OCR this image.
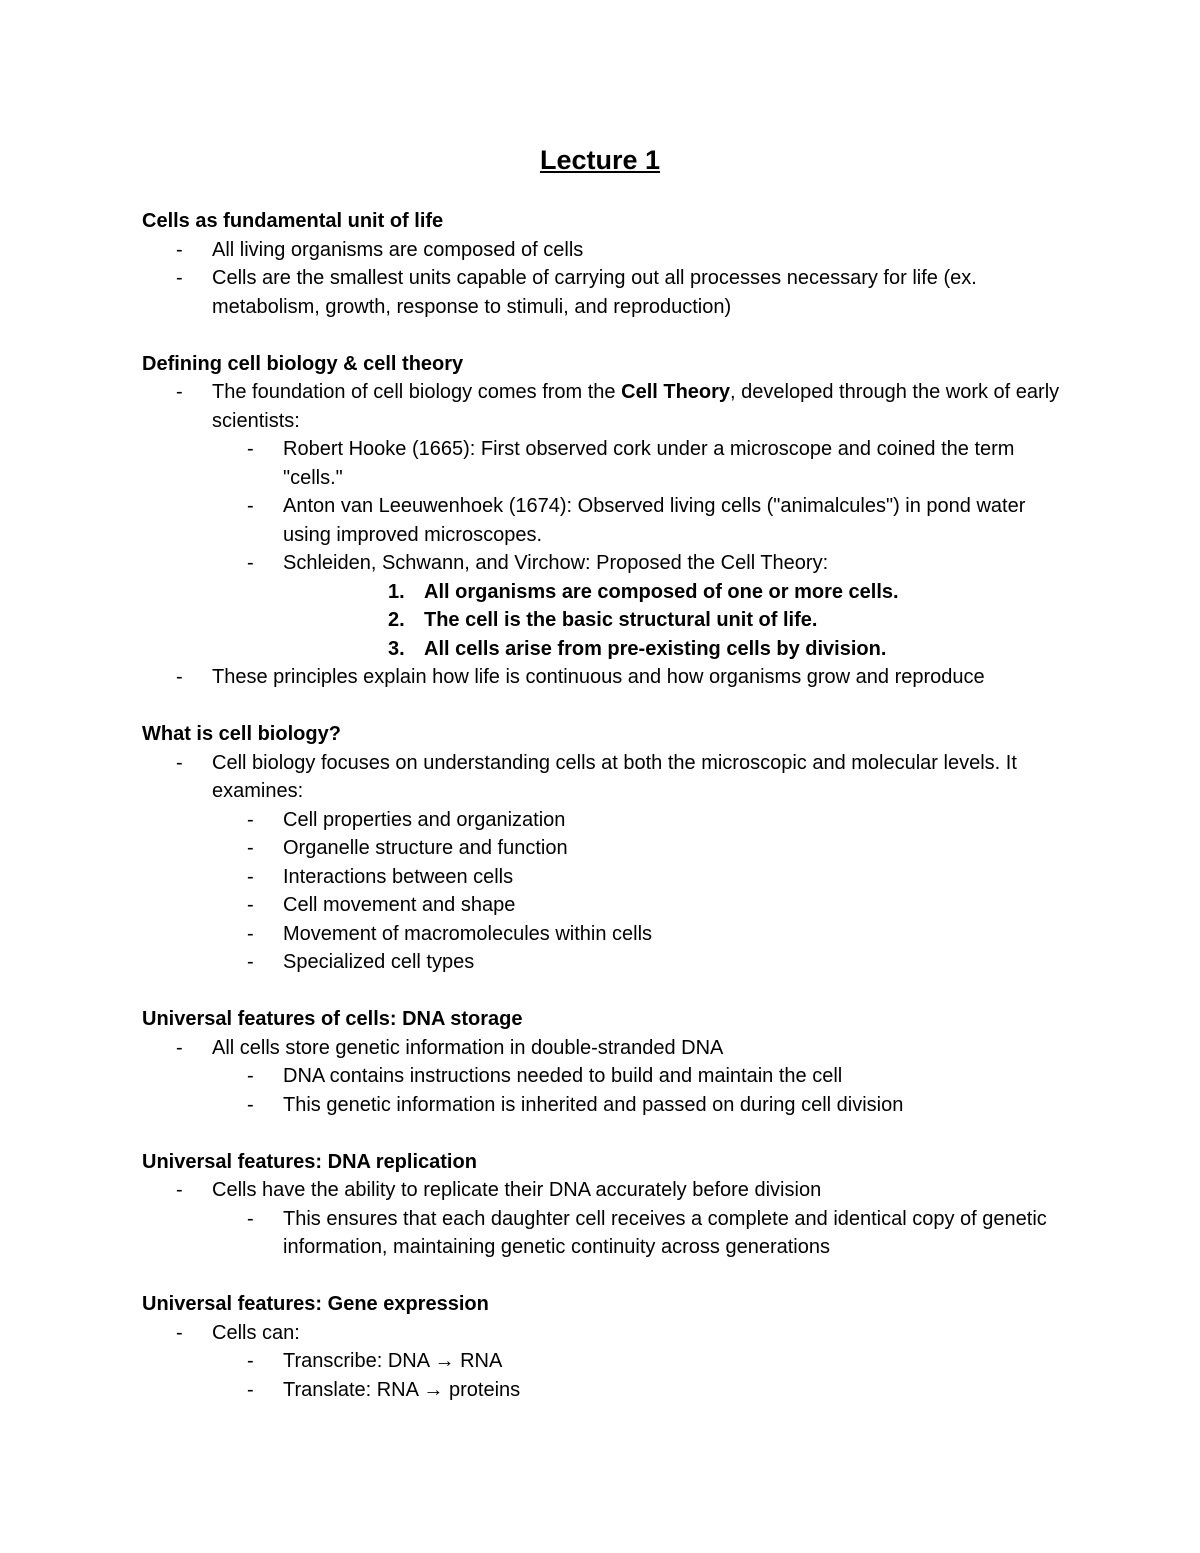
Lecture 1

Cells as fundamental unit of life

- All living organisms are composed of cells

- Cells are the smallest units capable of carrying out all processes necessary for life (ex. metabolism, growth, response to stimuli, and reproduction)

Defining cell biology & cell theory

- The foundation of cell biology comes from the Cell Theory, developed through the work of early scientists:

- Robert Hooke (1665): First observed cork under a microscope and coined the term "cells."

- Anton van Leeuwenhoek (1674): Observed living cells ("animalcules") in pond water using improved microscopes.

- Schleiden, Schwann, and Virchow: Proposed the Cell Theory:

1. All organisms are composed of one or more cells.

2. The cell is the basic structural unit of life.

3. All cells arise from pre-existing cells by division.

- These principles explain how life is continuous and how organisms grow and reproduce

What is cell biology?

- Cell biology focuses on understanding cells at both the microscopic and molecular levels. It examines:

- Cell properties and organization

- Organelle structure and function

- Interactions between cells

- Cell movement and shape

- Movement of macromolecules within cells

- Specialized cell types

Universal features of cells: DNA storage

- All cells store genetic information in double-stranded DNA

- DNA contains instructions needed to build and maintain the cell

- This genetic information is inherited and passed on during cell division

Universal features: DNA replication

- Cells have the ability to replicate their DNA accurately before division

- This ensures that each daughter cell receives a complete and identical copy of genetic information, maintaining genetic continuity across generations

Universal features: Gene expression

- Cells can:

- Transcribe: DNA → RNA

- Translate: RNA → proteins
